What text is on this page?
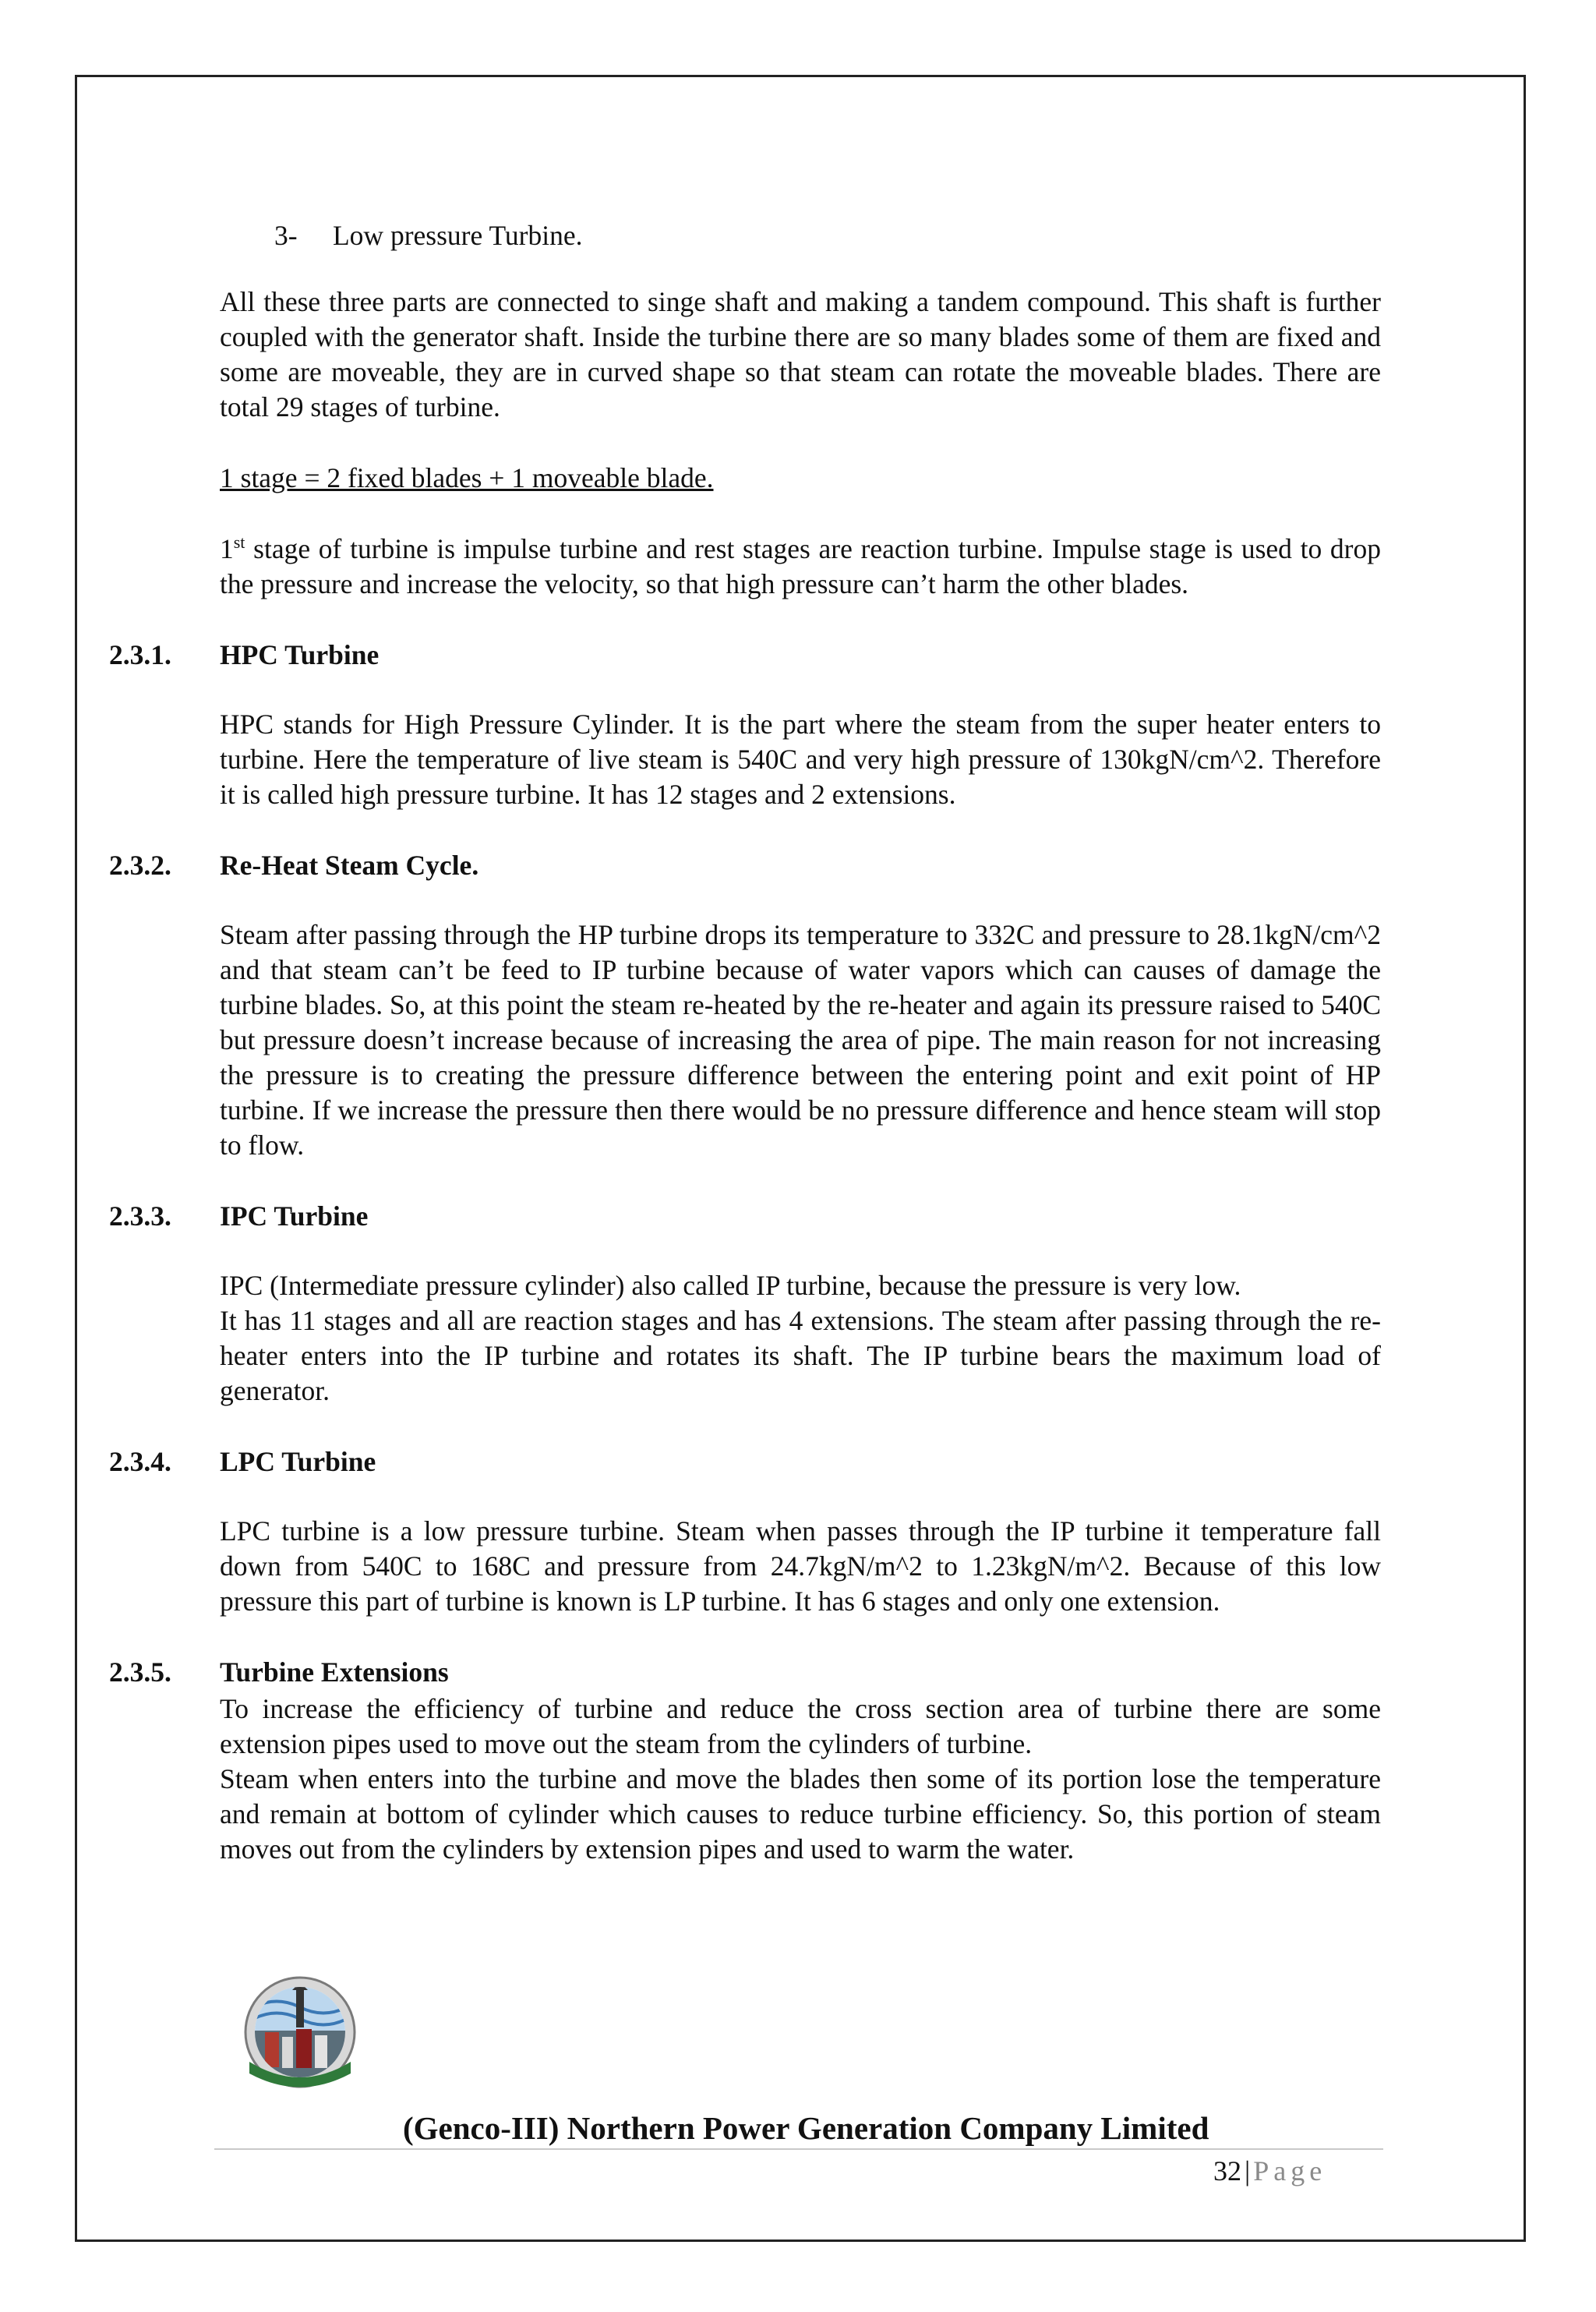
3-	Low pressure Turbine.

All these three parts are connected to singe shaft and making a tandem compound. This shaft is further coupled with the generator shaft. Inside the turbine there are so many blades some of them are fixed and some are moveable, they are in curved shape so that steam can rotate the moveable blades. There are total 29 stages of turbine.

1 stage = 2 fixed blades + 1 moveable blade.

1st stage of turbine is impulse turbine and rest stages are reaction turbine. Impulse stage is used to drop the pressure and increase the velocity, so that high pressure can’t harm the other blades.

2.3.1.	HPC Turbine

HPC stands for High Pressure Cylinder. It is the part where the steam from the super heater enters to turbine. Here the temperature of live steam is 540C and very high pressure of 130kgN/cm^2. Therefore it is called high pressure turbine. It has 12 stages and 2 extensions.

2.3.2.	Re-Heat Steam Cycle.

Steam after passing through the HP turbine drops its temperature to 332C and pressure to 28.1kgN/cm^2 and that steam can’t be feed to IP turbine because of water vapors which can causes of damage the turbine blades. So, at this point the steam re-heated by the re-heater and again its pressure raised to 540C but pressure doesn’t increase because of increasing the area of pipe. The main reason for not increasing the pressure is to creating the pressure difference between the entering point and exit point of HP turbine. If we increase the pressure then there would be no pressure difference and hence steam will stop to flow.

2.3.3.	IPC Turbine

IPC (Intermediate pressure cylinder) also called IP turbine, because the pressure is very low.

It has 11 stages and all are reaction stages and has 4 extensions. The steam after passing through the re-heater enters into the IP turbine and rotates its shaft. The IP turbine bears the maximum load of generator.

2.3.4.	LPC Turbine

LPC turbine is a low pressure turbine. Steam when passes through the IP turbine it temperature fall down from 540C to 168C and pressure from 24.7kgN/m^2 to 1.23kgN/m^2. Because of this low pressure this part of turbine is known is LP turbine. It has 6 stages and only one extension.

2.3.5.	Turbine Extensions

To increase the efficiency of turbine and reduce the cross section area of turbine there are some extension pipes used to move out the steam from the cylinders of turbine.

Steam when enters into the turbine and move the blades then some of its portion lose the temperature and remain at bottom of cylinder which causes to reduce turbine efficiency. So, this portion of steam moves out from the cylinders by extension pipes and used to warm the water.

(Genco-III) Northern Power Generation Company Limited
32 | Page
